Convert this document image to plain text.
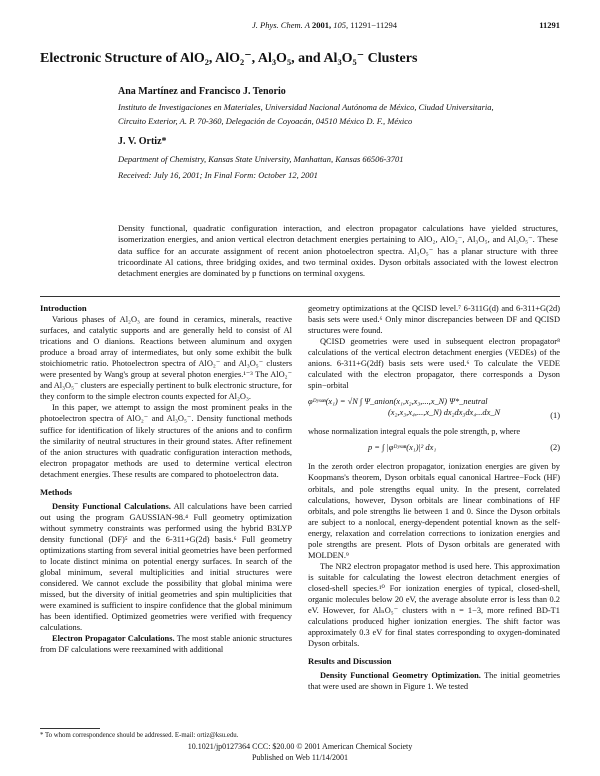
J. Phys. Chem. A 2001, 105, 11291−11294	11291
Electronic Structure of AlO₂, AlO₂⁻, Al₃O₅, and Al₃O₅⁻ Clusters
Ana Martínez and Francisco J. Tenorio
Instituto de Investigaciones en Materiales, Universidad Nacional Autónoma de México, Ciudad Universitaria,
Circuito Exterior, A. P. 70-360, Delegación de Coyoacán, 04510 México D. F., México
J. V. Ortiz*
Department of Chemistry, Kansas State University, Manhattan, Kansas 66506-3701
Received: July 16, 2001; In Final Form: October 12, 2001
Density functional, quadratic configuration interaction, and electron propagator calculations have yielded structures, isomerization energies, and anion vertical electron detachment energies pertaining to AlO₂, AlO₂⁻, Al₃O₅, and Al₃O₅⁻. These data suffice for an accurate assignment of recent anion photoelectron spectra. Al₃O₅⁻ has a planar structure with three tricoordinate Al cations, three bridging oxides, and two terminal oxides. Dyson orbitals associated with the lowest electron detachment energies are dominated by p functions on terminal oxygens.
Introduction

Various phases of Al₂O₃ are found in ceramics, minerals, reactive surfaces, and catalytic supports and are generally held to consist of Al trications and O dianions. Reactions between aluminum and oxygen produce a broad array of intermediates, but only some exhibit the bulk stoichiometric ratio. Photoelectron spectra of AlO₂⁻ and Al₃O₅⁻ clusters were presented by Wang's group at several photon energies.¹⁻³ The AlO₂⁻ and Al₃O₅⁻ clusters are especially pertinent to bulk electronic structure, for they conform to the simple electron counts expected for Al₂O₃.

In this paper, we attempt to assign the most prominent peaks in the photoelectron spectra of AlO₂⁻ and Al₃O₅⁻. Density functional methods suffice for identification of likely structures of the anions and to confirm the similarity of neutral structures in their ground states. After refinement of the anion structures with quadratic configuration interaction methods, electron propagator methods are used to determine vertical electron detachment energies. These results are compared to photoelectron data.

Methods

Density Functional Calculations. All calculations have been carried out using the program GAUSSIAN-98.⁴ Full geometry optimization without symmetry constraints was performed using the hybrid B3LYP density functional (DF)⁵ and the 6-311+G(2d) basis.⁶ Full geometry optimizations starting from several initial geometries have been performed to locate distinct minima on potential energy surfaces. In search of the global minimum, several multiplicities and initial structures were considered. We cannot exclude the possibility that global minima were missed, but the diversity of initial geometries and spin multiplicities that were examined is sufficient to inspire confidence that the global minimum has been identified. Optimized geometries were verified with frequency calculations.

Electron Propagator Calculations. The most stable anionic structures from DF calculations were reexamined with additional

* To whom correspondence should be addressed. E-mail: ortiz@ksu.edu.

geometry optimizations at the QCISD level.⁷ 6-311G(d) and 6-311+G(2d) basis sets were used.⁶ Only minor discrepancies between DF and QCISD structures were found.

QCISD geometries were used in subsequent electron propagator⁸ calculations of the vertical electron detachment energies (VEDEs) of the anions. 6-311+G(2df) basis sets were used.⁶ To calculate the VEDE calculated with the electron propagator, there corresponds a Dyson spin−orbital

φᴰʸˢᵒⁿ(x₁) = √N ∫ Ψ_anion(x₁,x₂,x₃,...,x_N) Ψ*_neutral
(x₂,x₃,x₄,...,x_N) dx₂dx₃dx₄...dx_N	(1)

whose normalization integral equals the pole strength, p, where

p = ∫ |φᴰʸˢᵒⁿ(x₁)|² dx₁	(2)

In the zeroth order electron propagator, ionization energies are given by Koopmans's theorem, Dyson orbitals equal canonical Hartree−Fock (HF) orbitals, and pole strengths equal unity. In the present, correlated calculations, however, Dyson orbitals are linear combinations of HF orbitals, and pole strengths lie between 1 and 0. Since the Dyson orbitals are subject to a nonlocal, energy-dependent potential known as the self-energy, relaxation and correlation corrections to ionization energies and pole strengths are present. Plots of Dyson orbitals are generated with MOLDEN.⁹

The NR2 electron propagator method is used here. This approximation is suitable for calculating the lowest electron detachment energies of closed-shell species.¹⁰ For ionization energies of typical, closed-shell, organic molecules below 20 eV, the average absolute error is less than 0.2 eV. However, for AlₙO₅⁻ clusters with n = 1−3, more refined BD-T1 calculations produced higher ionization energies. The shift factor was approximately 0.3 eV for final states corresponding to oxygen-dominated Dyson orbitals.

Results and Discussion

Density Functional Geometry Optimization. The initial geometries that were used are shown in Figure 1. We tested

10.1021/jp0127364 CCC: $20.00 © 2001 American Chemical Society
Published on Web 11/14/2001
